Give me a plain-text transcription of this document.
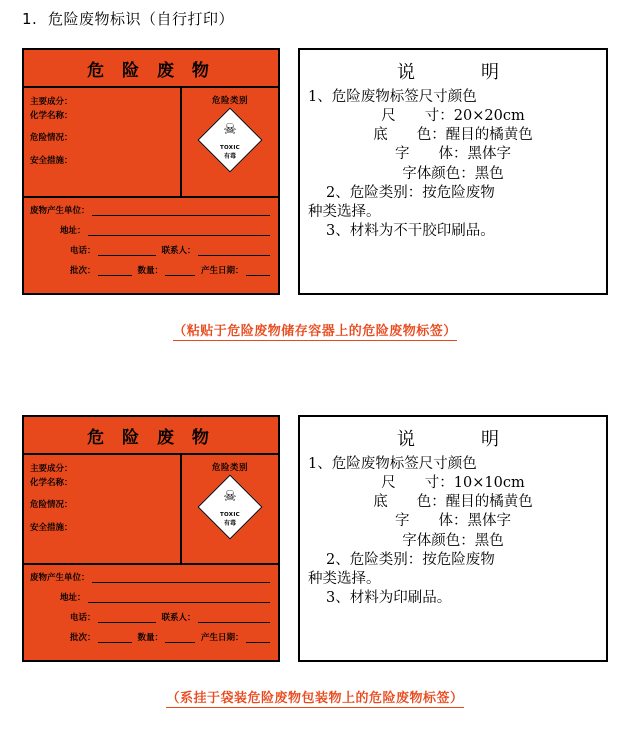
1. 危险废物标识（自行打印）
危 险 废 物
主要成分：
化学名称：
危险情况：
安全措施：
危险类别
☠
TOXIC
有毒
废物产生单位：
地址：
电话：	联系人：
批次：	数量：	产生日期：
说　　明
1、危险废物标签尺寸颜色
尺　　寸：20×20cm
底　　色：醒目的橘黄色
字　　体：黑体字
字体颜色：黑色
2、危险类别：按危险废物
种类选择。
3、材料为不干胶印刷品。
（粘贴于危险废物储存容器上的危险废物标签）
危 险 废 物
主要成分：
化学名称：
危险情况：
安全措施：
危险类别
☠
TOXIC
有毒
废物产生单位：
地址：
电话：	联系人：
批次：	数量：	产生日期：
说　　明
1、危险废物标签尺寸颜色
尺　　寸：10×10cm
底　　色：醒目的橘黄色
字　　体：黑体字
字体颜色：黑色
2、危险类别：按危险废物
种类选择。
3、材料为印刷品。
（系挂于袋装危险废物包装物上的危险废物标签）
